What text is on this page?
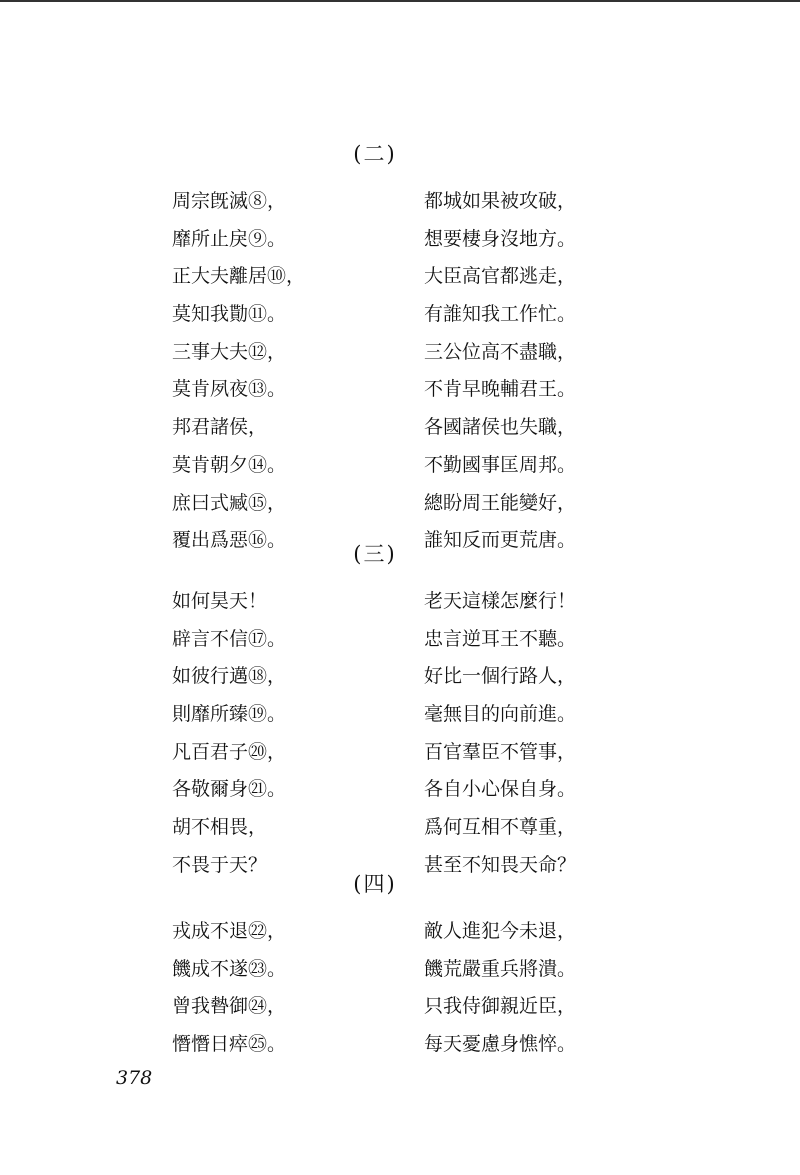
(二)
周宗旣滅⑧，
靡所止戾⑨。
正大夫離居⑩，
莫知我勩⑪。
三事大夫⑫，
莫肯夙夜⑬。
邦君諸侯，
莫肯朝夕⑭。
庶曰式臧⑮，
覆出爲惡⑯。
都城如果被攻破，
想要棲身沒地方。
大臣高官都逃走，
有誰知我工作忙。
三公位高不盡職，
不肯早晚輔君王。
各國諸侯也失職，
不勤國事匡周邦。
總盼周王能變好，
誰知反而更荒唐。
(三)
如何昊天！
辟言不信⑰。
如彼行邁⑱，
則靡所臻⑲。
凡百君子⑳，
各敬爾身㉑。
胡不相畏，
不畏于天？
老天這樣怎麼行！
忠言逆耳王不聽。
好比一個行路人，
毫無目的向前進。
百官羣臣不管事，
各自小心保自身。
爲何互相不尊重，
甚至不知畏天命？
(四)
戎成不退㉒，
饑成不遂㉓。
曾我暬御㉔，
憯憯日瘁㉕。
敵人進犯今未退，
饑荒嚴重兵將潰。
只我侍御親近臣，
每天憂慮身憔悴。
378
